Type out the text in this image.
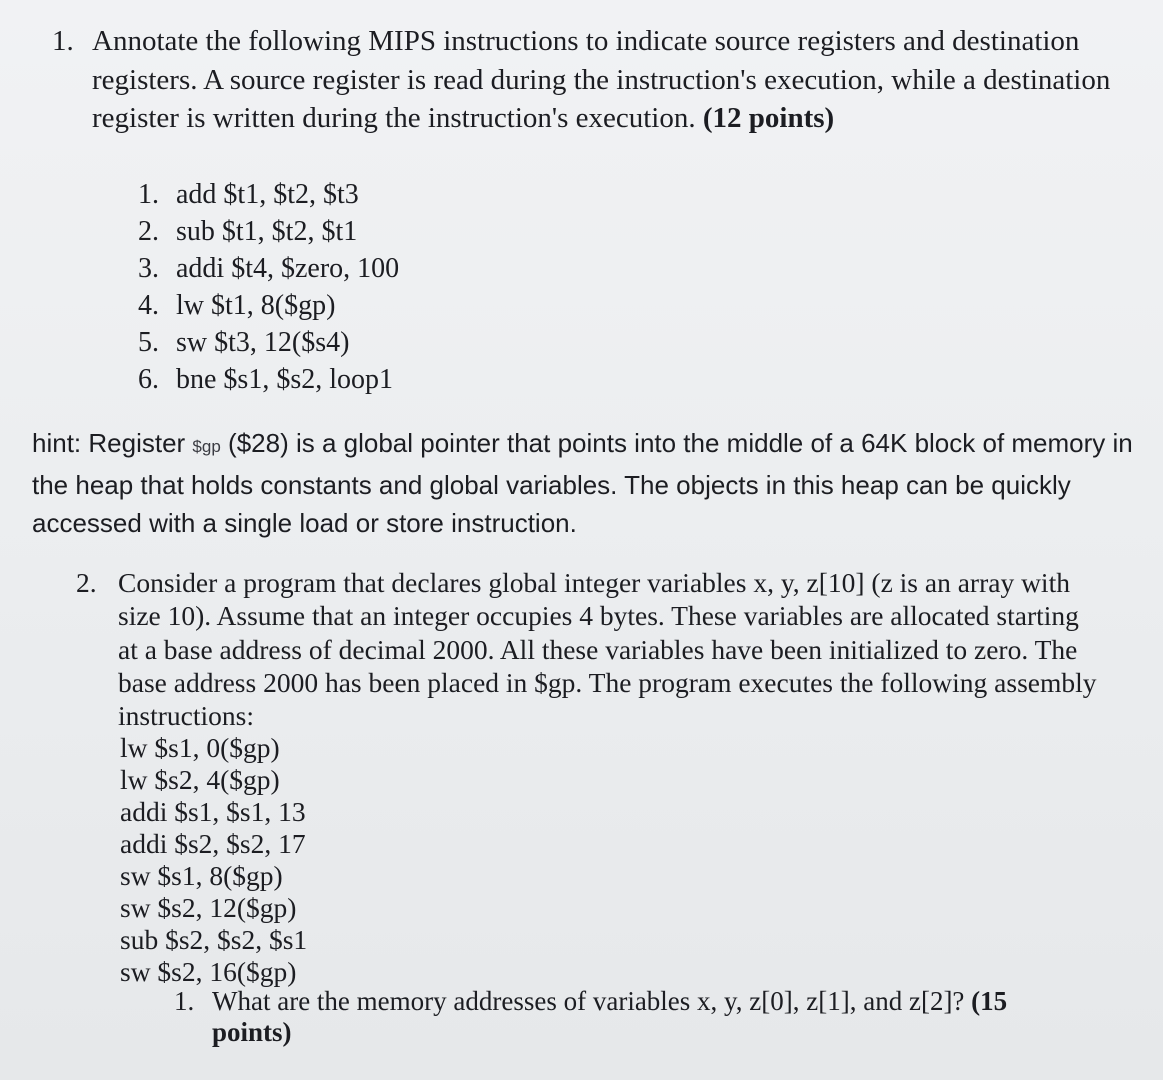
1. Annotate the following MIPS instructions to indicate source registers and destination registers. A source register is read during the instruction's execution, while a destination register is written during the instruction's execution. (12 points)
1. add $t1, $t2, $t3
2. sub $t1, $t2, $t1
3. addi $t4, $zero, 100
4. lw $t1, 8($gp)
5. sw $t3, 12($s4)
6. bne $s1, $s2, loop1
hint: Register $gp ($28) is a global pointer that points into the middle of a 64K block of memory in the heap that holds constants and global variables. The objects in this heap can be quickly accessed with a single load or store instruction.
2. Consider a program that declares global integer variables x, y, z[10] (z is an array with size 10). Assume that an integer occupies 4 bytes. These variables are allocated starting at a base address of decimal 2000. All these variables have been initialized to zero. The base address 2000 has been placed in $gp. The program executes the following assembly instructions:
lw $s1, 0($gp)
lw $s2, 4($gp)
addi $s1, $s1, 13
addi $s2, $s2, 17
sw $s1, 8($gp)
sw $s2, 12($gp)
sub $s2, $s2, $s1
sw $s2, 16($gp)
1. What are the memory addresses of variables x, y, z[0], z[1], and z[2]? (15 points)
